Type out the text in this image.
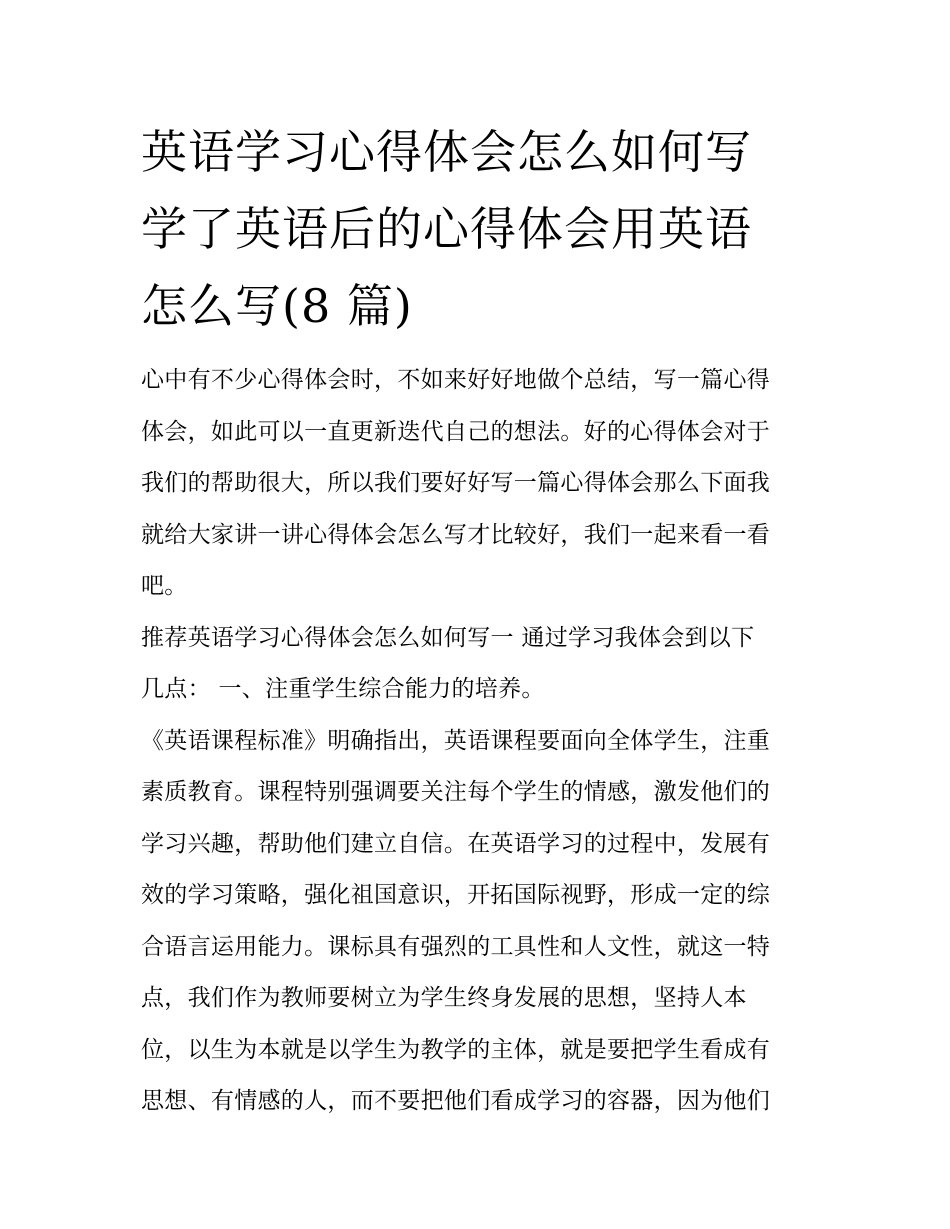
英语学习心得体会怎么如何写
学了英语后的心得体会用英语
怎么写(8 篇)
心中有不少心得体会时，不如来好好地做个总结，写一篇心得
体会，如此可以一直更新迭代自己的想法。好的心得体会对于
我们的帮助很大，所以我们要好好写一篇心得体会那么下面我
就给大家讲一讲心得体会怎么写才比较好，我们一起来看一看
吧。
推荐英语学习心得体会怎么如何写一 通过学习我体会到以下
几点： 一、注重学生综合能力的培养。
《英语课程标准》明确指出，英语课程要面向全体学生，注重
素质教育。课程特别强调要关注每个学生的情感，激发他们的
学习兴趣，帮助他们建立自信。在英语学习的过程中，发展有
效的学习策略，强化祖国意识，开拓国际视野，形成一定的综
合语言运用能力。课标具有强烈的工具性和人文性，就这一特
点，我们作为教师要树立为学生终身发展的思想，坚持人本
位，以生为本就是以学生为教学的主体，就是要把学生看成有
思想、有情感的人，而不要把他们看成学习的容器，因为他们
